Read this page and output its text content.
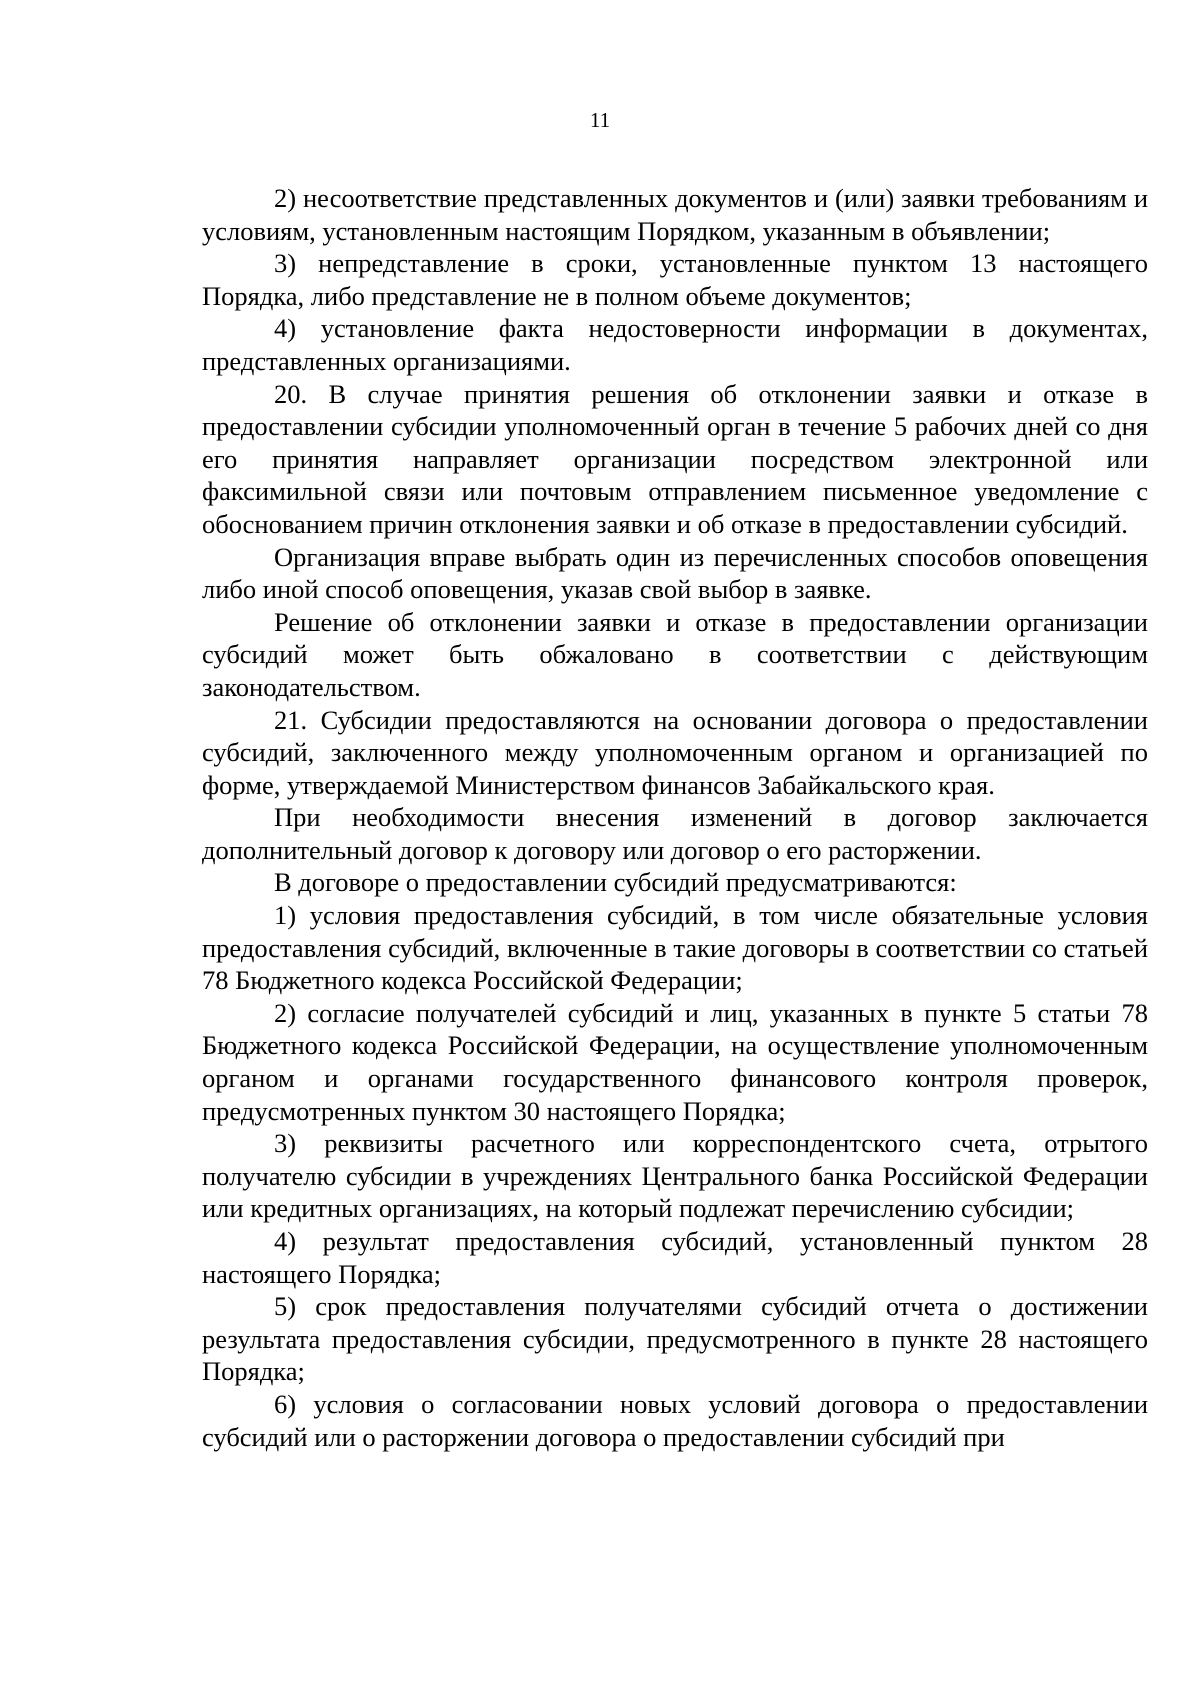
11

2) несоответствие представленных документов и (или) заявки требованиям и условиям, установленным настоящим Порядком, указанным в объявлении;

3) непредставление в сроки, установленные пунктом 13 настоящего Порядка, либо представление не в полном объеме документов;

4) установление факта недостоверности информации в документах, представленных организациями.

20. В случае принятия решения об отклонении заявки и отказе в предоставлении субсидии уполномоченный орган в течение 5 рабочих дней со дня его принятия направляет организации посредством электронной или факсимильной связи или почтовым отправлением письменное уведомление с обоснованием причин отклонения заявки и об отказе в предоставлении субсидий.

Организация вправе выбрать один из перечисленных способов оповещения либо иной способ оповещения, указав свой выбор в заявке.

Решение об отклонении заявки и отказе в предоставлении организации субсидий может быть обжаловано в соответствии с действующим законодательством.

21. Субсидии предоставляются на основании договора о предоставлении субсидий, заключенного между уполномоченным органом и организацией по форме, утверждаемой Министерством финансов Забайкальского края.

При необходимости внесения изменений в договор заключается дополнительный договор к договору или договор о его расторжении.

В договоре о предоставлении субсидий предусматриваются:

1) условия предоставления субсидий, в том числе обязательные условия предоставления субсидий, включенные в такие договоры в соответствии со статьей 78 Бюджетного кодекса Российской Федерации;

2) согласие получателей субсидий и лиц, указанных в пункте 5 статьи 78 Бюджетного кодекса Российской Федерации, на осуществление уполномоченным органом и органами государственного финансового контроля проверок, предусмотренных пунктом 30 настоящего Порядка;

3) реквизиты расчетного или корреспондентского счета, отрытого получателю субсидии в учреждениях Центрального банка Российской Федерации или кредитных организациях, на который подлежат перечислению субсидии;

4) результат предоставления субсидий, установленный пунктом 28 настоящего Порядка;

5) срок предоставления получателями субсидий отчета о достижении результата предоставления субсидии, предусмотренного в пункте 28 настоящего Порядка;

6) условия о согласовании новых условий договора о предоставлении субсидий или о расторжении договора о предоставлении субсидий при
